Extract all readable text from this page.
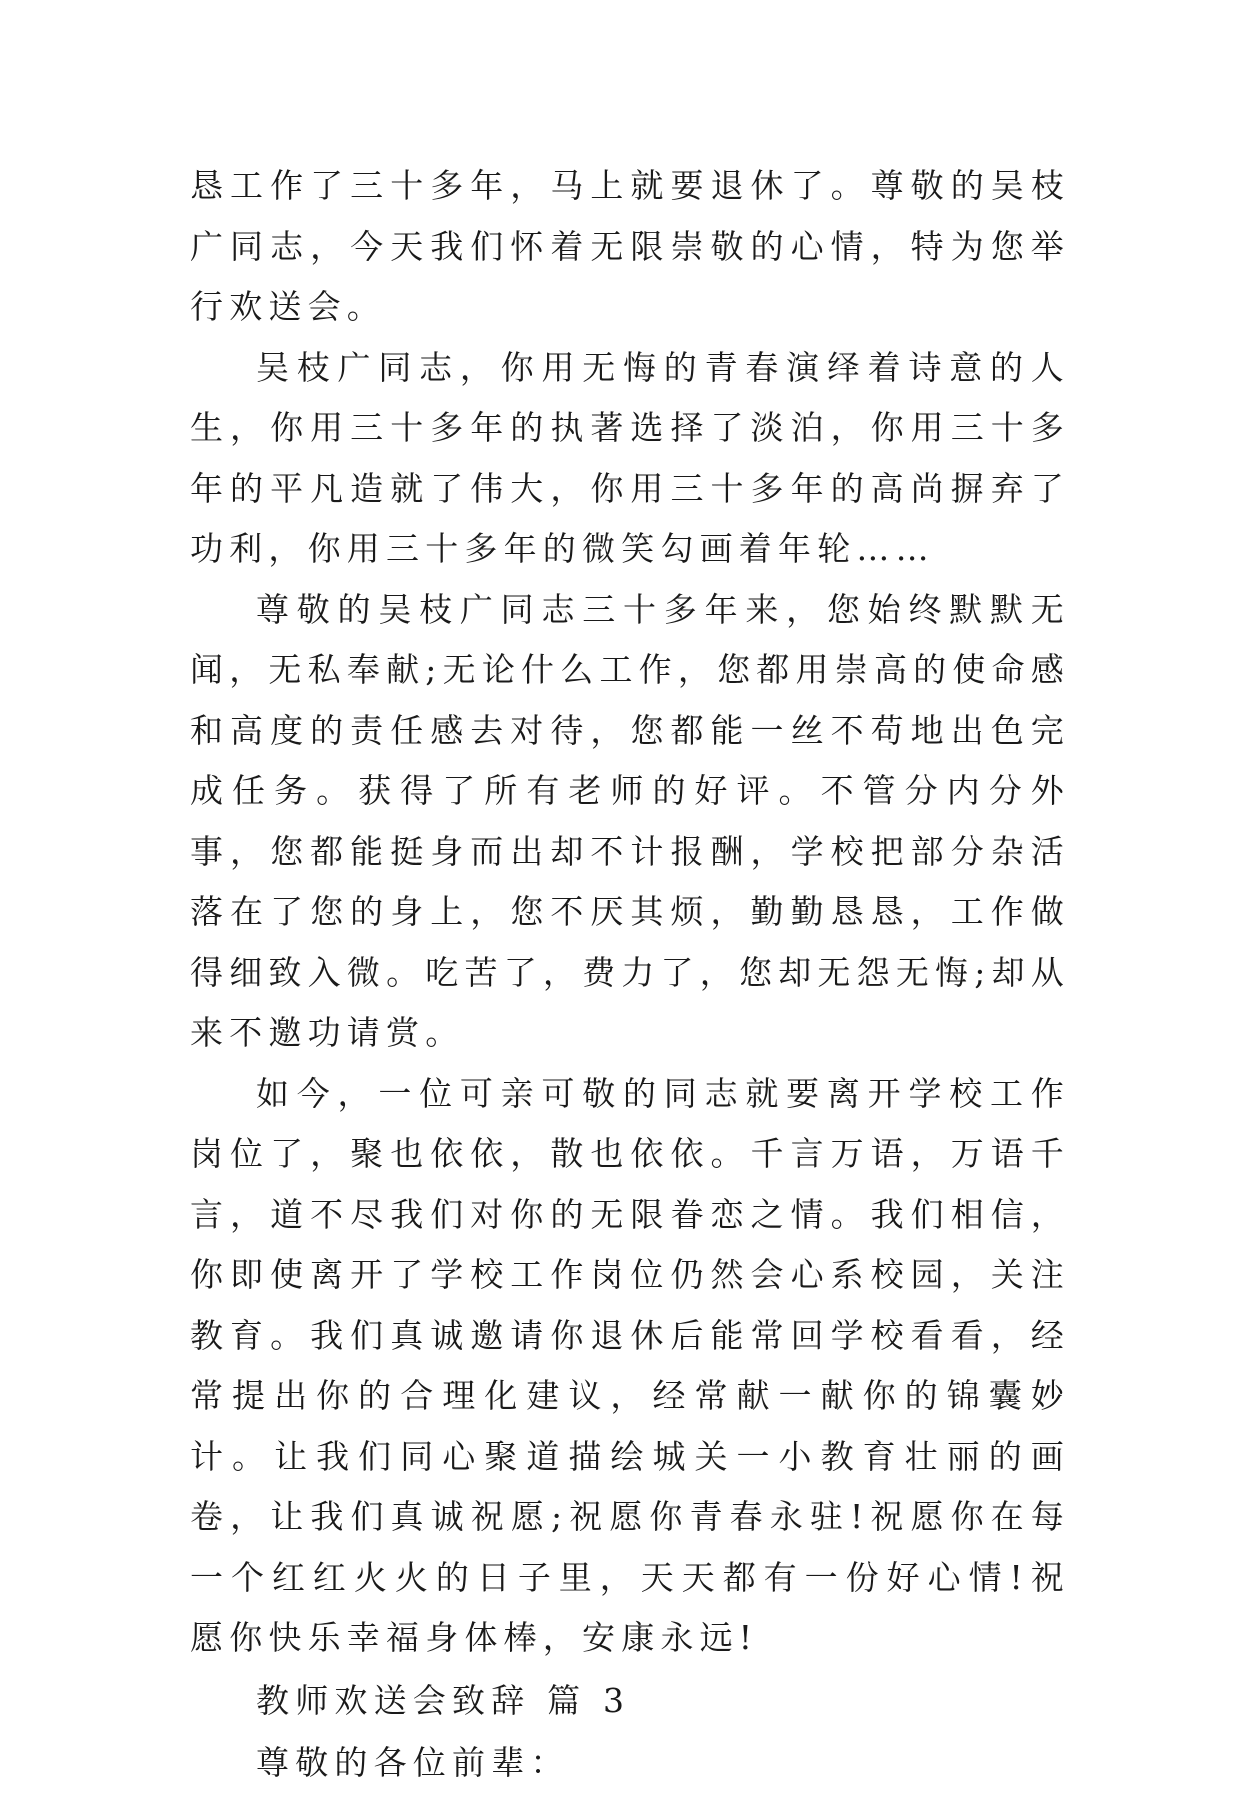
恳工作了三十多年，马上就要退休了。尊敬的吴枝广同志，今天我们怀着无限崇敬的心情，特为您举行欢送会。

吴枝广同志，你用无悔的青春演绎着诗意的人生，你用三十多年的执著选择了淡泊，你用三十多年的平凡造就了伟大，你用三十多年的高尚摒弃了功利，你用三十多年的微笑勾画着年轮……

尊敬的吴枝广同志三十多年来，您始终默默无闻，无私奉献;无论什么工作，您都用崇高的使命感和高度的责任感去对待，您都能一丝不苟地出色完成任务。获得了所有老师的好评。不管分内分外事，您都能挺身而出却不计报酬，学校把部分杂活落在了您的身上，您不厌其烦，勤勤恳恳，工作做得细致入微。吃苦了，费力了，您却无怨无悔;却从来不邀功请赏。

如今，一位可亲可敬的同志就要离开学校工作岗位了，聚也依依，散也依依。千言万语，万语千言，道不尽我们对你的无限眷恋之情。我们相信，你即使离开了学校工作岗位仍然会心系校园，关注教育。我们真诚邀请你退休后能常回学校看看，经常提出你的合理化建议，经常献一献你的锦囊妙计。让我们同心聚道描绘城关一小教育壮丽的画卷，让我们真诚祝愿;祝愿你青春永驻!祝愿你在每一个红红火火的日子里，天天都有一份好心情!祝愿你快乐幸福身体棒，安康永远!

教师欢送会致辞 篇 3

尊敬的各位前辈：
